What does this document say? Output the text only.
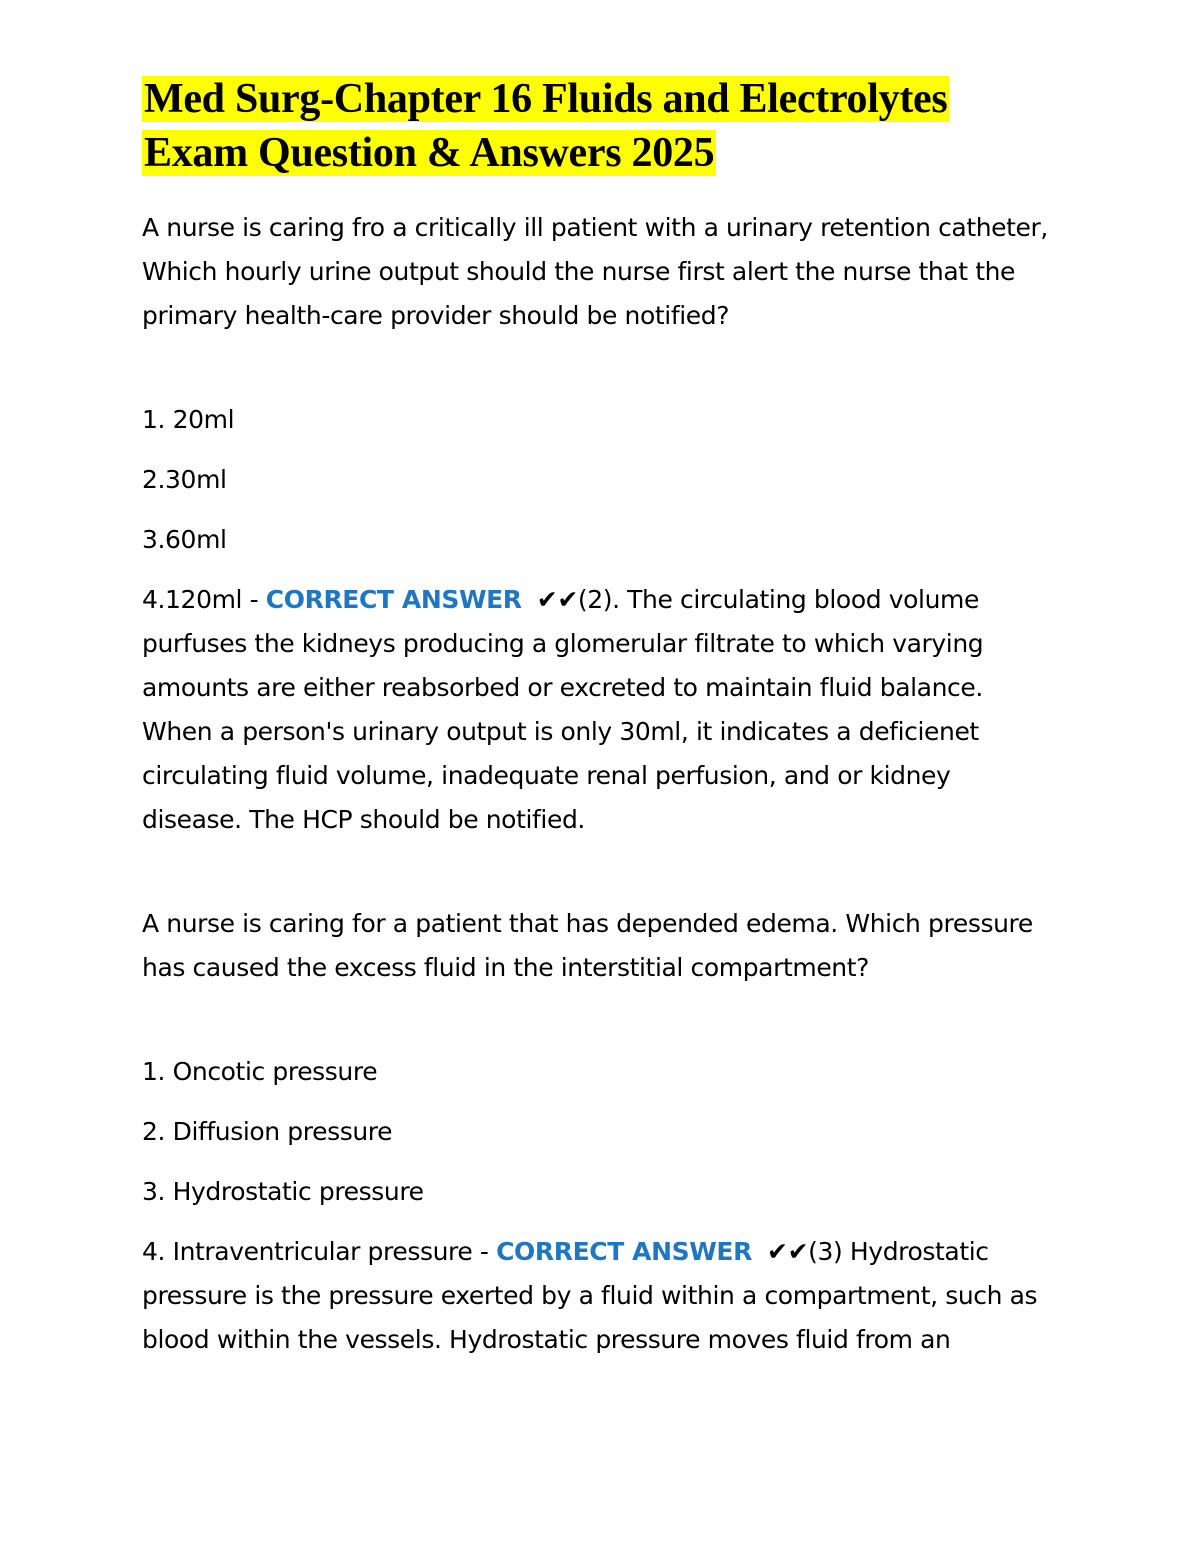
Med Surg-Chapter 16 Fluids and Electrolytes
Exam Question & Answers 2025

A nurse is caring fro a critically ill patient with a urinary retention catheter, Which hourly urine output should the nurse first alert the nurse that the primary health-care provider should be notified?

1. 20ml

2.30ml

3.60ml

4.120ml - CORRECT ANSWER ✔✔(2). The circulating blood volume purfuses the kidneys producing a glomerular filtrate to which varying amounts are either reabsorbed or excreted to maintain fluid balance. When a person's urinary output is only 30ml, it indicates a deficienet circulating fluid volume, inadequate renal perfusion, and or kidney disease. The HCP should be notified.

A nurse is caring for a patient that has depended edema. Which pressure has caused the excess fluid in the interstitial compartment?

1. Oncotic pressure

2. Diffusion pressure

3. Hydrostatic pressure

4. Intraventricular pressure - CORRECT ANSWER ✔✔(3) Hydrostatic pressure is the pressure exerted by a fluid within a compartment, such as blood within the vessels. Hydrostatic pressure moves fluid from an
